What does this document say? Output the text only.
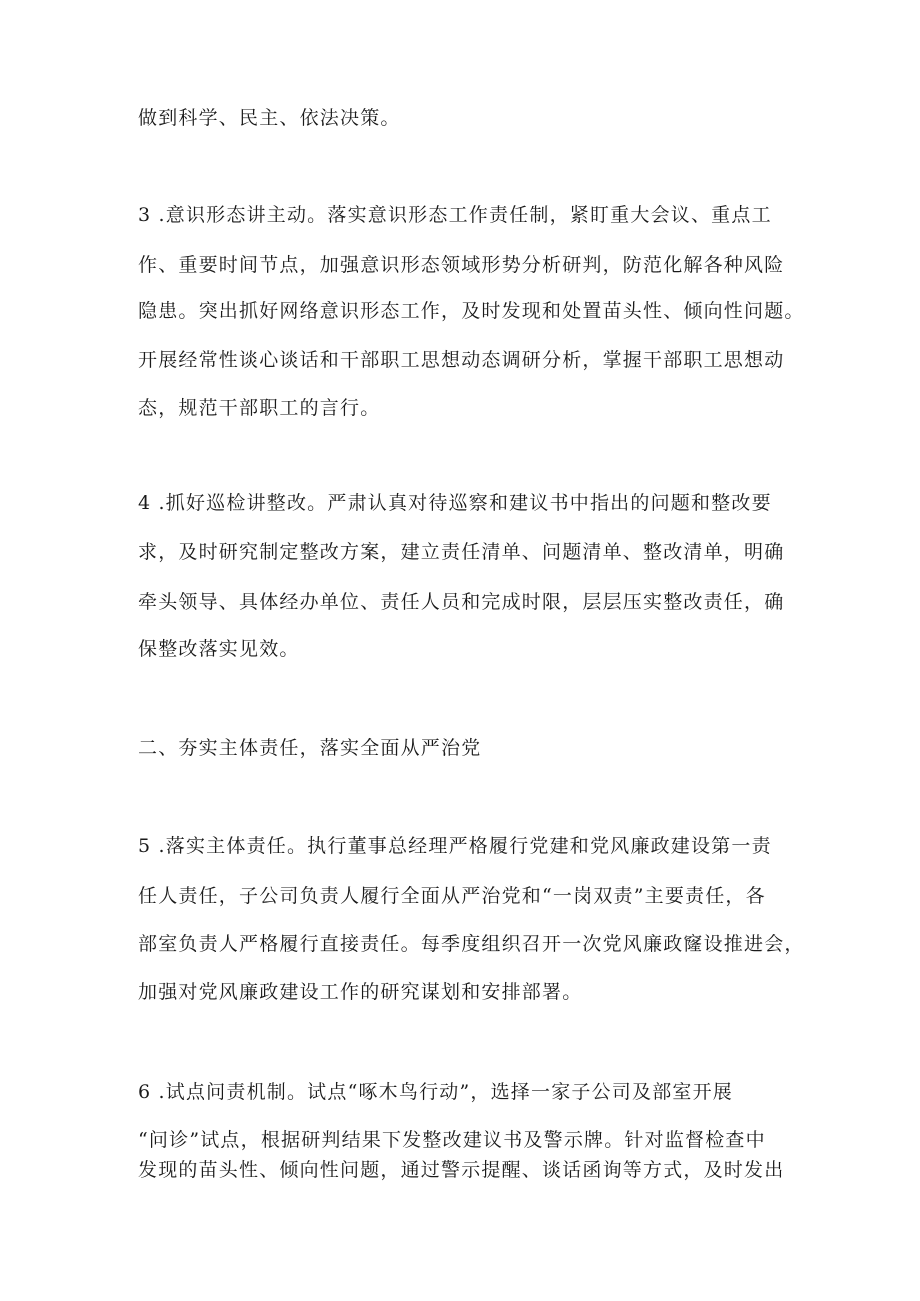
做到科学、民主、依法决策。
3 .意识形态讲主动。落实意识形态工作责任制，紧盯重大会议、重点工
作、重要时间节点，加强意识形态领域形势分析研判，防范化解各种风险
隐患。突出抓好网络意识形态工作，及时发现和处置苗头性、倾向性问题。
开展经常性谈心谈话和干部职工思想动态调研分析，掌握干部职工思想动
态，规范干部职工的言行。
4 .抓好巡检讲整改。严肃认真对待巡察和建议书中指出的问题和整改要
求，及时研究制定整改方案，建立责任清单、问题清单、整改清单，明确
牵头领导、具体经办单位、责任人员和完成时限，层层压实整改责任，确
保整改落实见效。
二、夯实主体责任，落实全面从严治党
5 .落实主体责任。执行董事总经理严格履行党建和党风廉政建设第一责
任人责任，子公司负责人履行全面从严治党和“一岗双责”主要责任，各
部室负责人严格履行直接责任。每季度组织召开一次党风廉政窿设推进会，
加强对党风廉政建设工作的研究谋划和安排部署。
6 .试点问责机制。试点“啄木鸟行动”，选择一家子公司及部室开展
“问诊”试点，根据研判结果下发整改建议书及警示牌。针对监督检查中
发现的苗头性、倾向性问题，通过警示提醒、谈话函询等方式，及时发出
